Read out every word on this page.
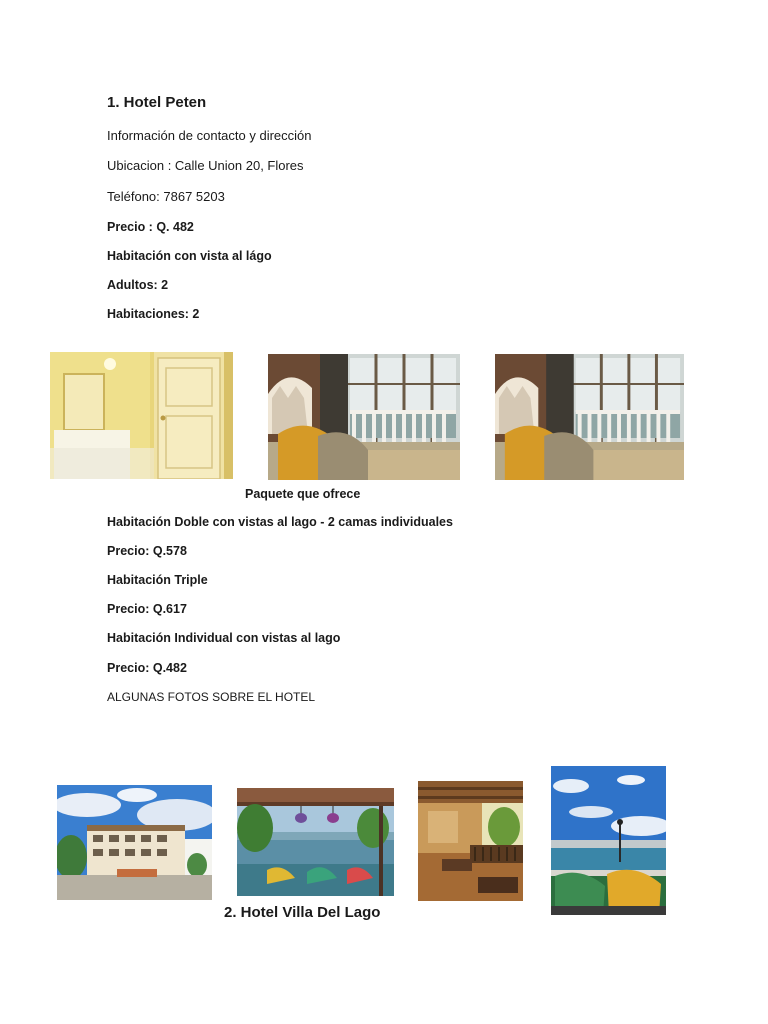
1. Hotel Peten
Información de contacto y dirección
Ubicacion : Calle Union 20, Flores
Teléfono: 7867 5203
Precio : Q. 482
Habitación con vista al lágo
Adultos: 2
Habitaciones: 2
Paquete que ofrece
Habitación Doble con vistas al lago - 2 camas individuales
Precio: Q.578
Habitación Triple
Precio: Q.617
Habitación Individual con vistas al lago
Precio: Q.482
ALGUNAS FOTOS SOBRE EL HOTEL
2. Hotel Villa Del Lago
